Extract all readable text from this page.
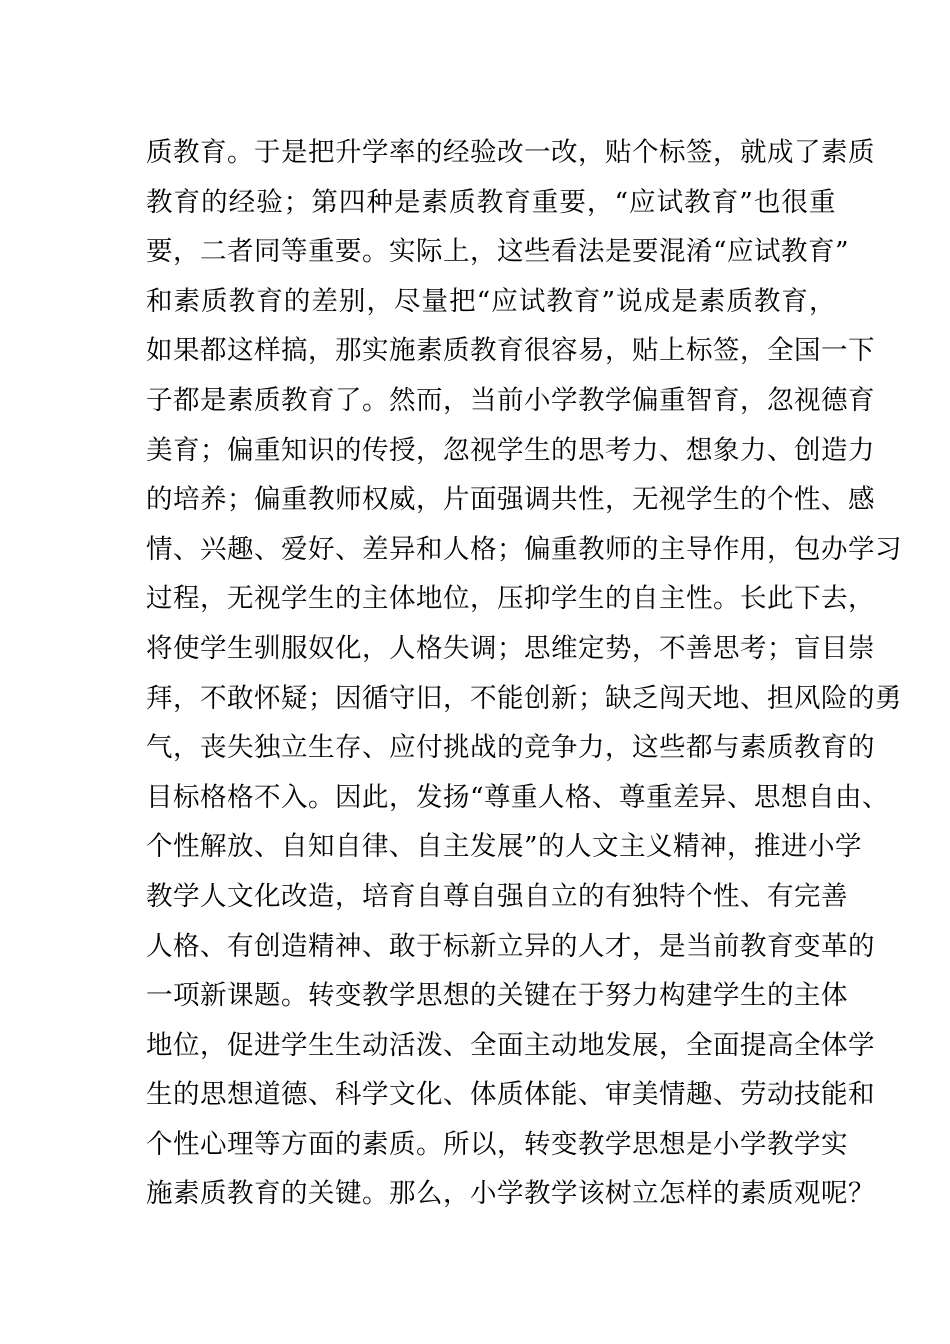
质教育。于是把升学率的经验改一改，贴个标签，就成了素质
教育的经验；第四种是素质教育重要，“应试教育”也很重
要，二者同等重要。实际上，这些看法是要混淆“应试教育”
和素质教育的差别，尽量把“应试教育”说成是素质教育，
如果都这样搞，那实施素质教育很容易，贴上标签，全国一下
子都是素质教育了。然而，当前小学教学偏重智育，忽视德育
美育；偏重知识的传授，忽视学生的思考力、想象力、创造力
的培养；偏重教师权威，片面强调共性，无视学生的个性、感
情、兴趣、爱好、差异和人格；偏重教师的主导作用，包办学习
过程，无视学生的主体地位，压抑学生的自主性。长此下去，
将使学生驯服奴化，人格失调；思维定势，不善思考；盲目崇
拜，不敢怀疑；因循守旧，不能创新；缺乏闯天地、担风险的勇
气，丧失独立生存、应付挑战的竞争力，这些都与素质教育的
目标格格不入。因此，发扬“尊重人格、尊重差异、思想自由、
个性解放、自知自律、自主发展”的人文主义精神，推进小学
教学人文化改造，培育自尊自强自立的有独特个性、有完善
人格、有创造精神、敢于标新立异的人才，是当前教育变革的
一项新课题。转变教学思想的关键在于努力构建学生的主体
地位，促进学生生动活泼、全面主动地发展，全面提高全体学
生的思想道德、科学文化、体质体能、审美情趣、劳动技能和
个性心理等方面的素质。所以，转变教学思想是小学教学实
施素质教育的关键。那么，小学教学该树立怎样的素质观呢？
